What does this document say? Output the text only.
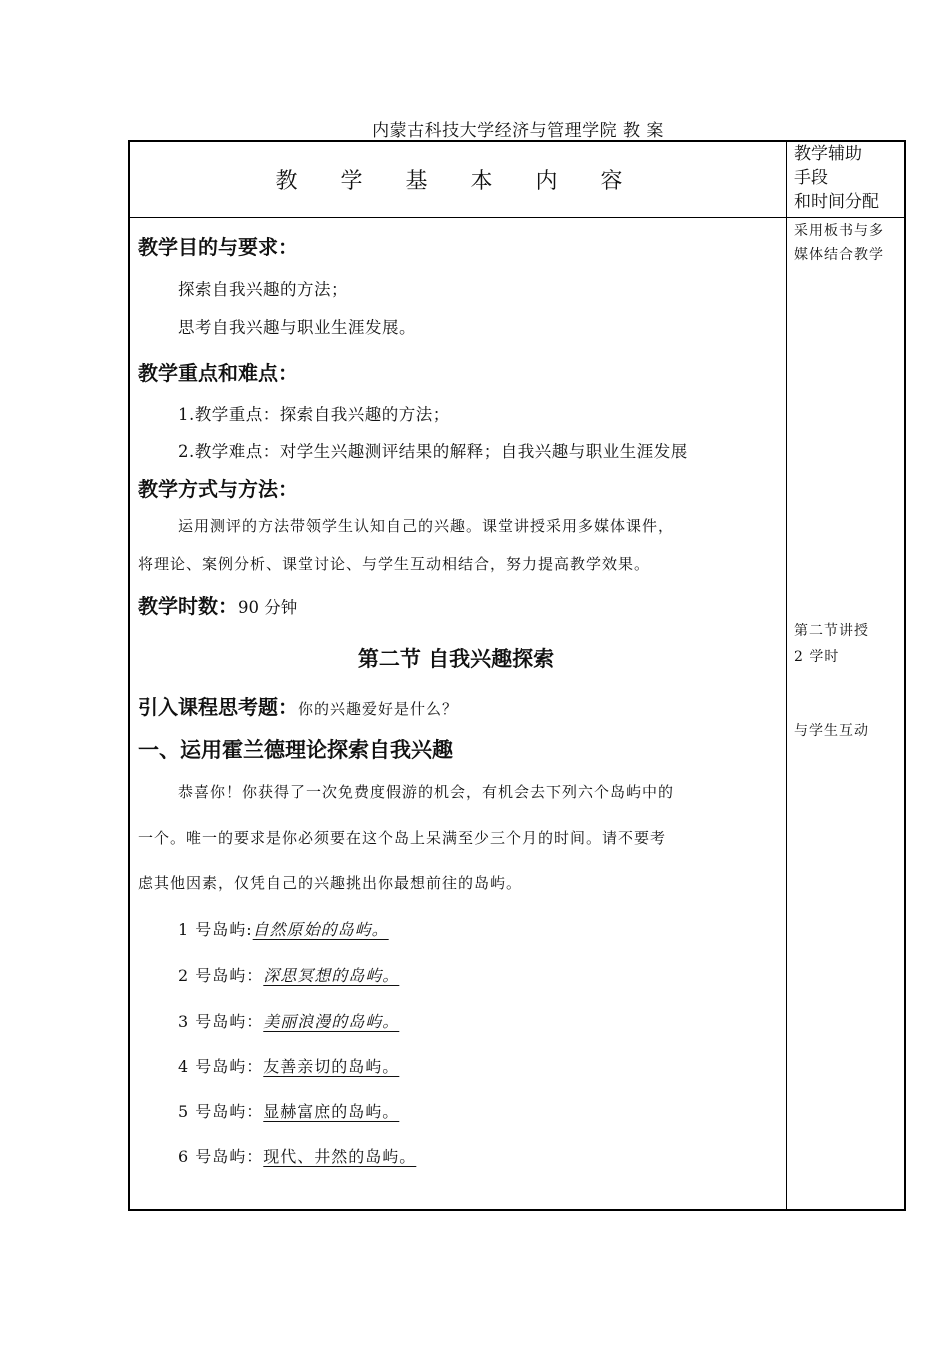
内蒙古科技大学经济与管理学院 教 案
教 学 基 本 内 容
教学辅助
手段
和时间分配
教学目的与要求：
探索自我兴趣的方法；
思考自我兴趣与职业生涯发展。
教学重点和难点：
1.教学重点：探索自我兴趣的方法；
2.教学难点：对学生兴趣测评结果的解释；自我兴趣与职业生涯发展
教学方式与方法：
运用测评的方法带领学生认知自己的兴趣。课堂讲授采用多媒体课件，
将理论、案例分析、课堂讨论、与学生互动相结合，努力提高教学效果。
教学时数：90 分钟
第二节 自我兴趣探索
引入课程思考题：你的兴趣爱好是什么？
一、运用霍兰德理论探索自我兴趣
恭喜你！你获得了一次免费度假游的机会，有机会去下列六个岛屿中的
一个。唯一的要求是你必须要在这个岛上呆满至少三个月的时间。请不要考
虑其他因素，仅凭自己的兴趣挑出你最想前往的岛屿。
1 号岛屿:自然原始的岛屿。
2 号岛屿：深思冥想的岛屿。
3 号岛屿：美丽浪漫的岛屿。
4 号岛屿：友善亲切的岛屿。
5 号岛屿：显赫富庶的岛屿。
6 号岛屿：现代、井然的岛屿。
采用板书与多
媒体结合教学
第二节讲授
2 学时
与学生互动
